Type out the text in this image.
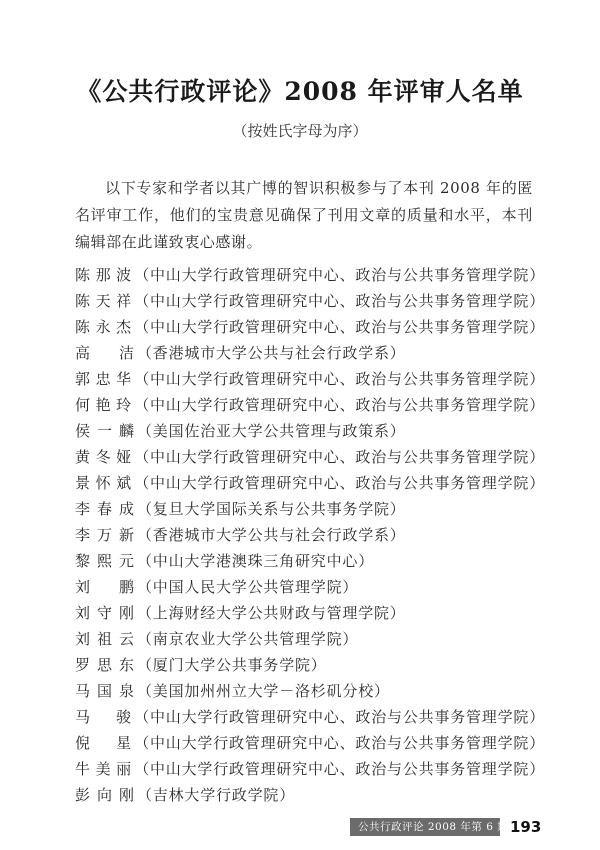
《公共行政评论》2008 年评审人名单
（按姓氏字母为序）

以下专家和学者以其广博的智识积极参与了本刊 2008 年的匿名评审工作，他们的宝贵意见确保了刊用文章的质量和水平，本刊编辑部在此谨致衷心感谢。

陈那波 （中山大学行政管理研究中心、政治与公共事务管理学院）
陈天祥 （中山大学行政管理研究中心、政治与公共事务管理学院）
陈永杰 （中山大学行政管理研究中心、政治与公共事务管理学院）
高洁 （香港城市大学公共与社会行政学系）
郭忠华 （中山大学行政管理研究中心、政治与公共事务管理学院）
何艳玲 （中山大学行政管理研究中心、政治与公共事务管理学院）
侯一麟 （美国佐治亚大学公共管理与政策系）
黄冬娅 （中山大学行政管理研究中心、政治与公共事务管理学院）
景怀斌 （中山大学行政管理研究中心、政治与公共事务管理学院）
李春成 （复旦大学国际关系与公共事务学院）
李万新 （香港城市大学公共与社会行政学系）
黎熙元 （中山大学港澳珠三角研究中心）
刘鹏 （中国人民大学公共管理学院）
刘守刚 （上海财经大学公共财政与管理学院）
刘祖云 （南京农业大学公共管理学院）
罗思东 （厦门大学公共事务学院）
马国泉 （美国加州州立大学－洛杉矶分校）
马骏 （中山大学行政管理研究中心、政治与公共事务管理学院）
倪星 （中山大学行政管理研究中心、政治与公共事务管理学院）
牛美丽 （中山大学行政管理研究中心、政治与公共事务管理学院）
彭向刚 （吉林大学行政学院）
公共行政评论 2008 年第 6 期 193
